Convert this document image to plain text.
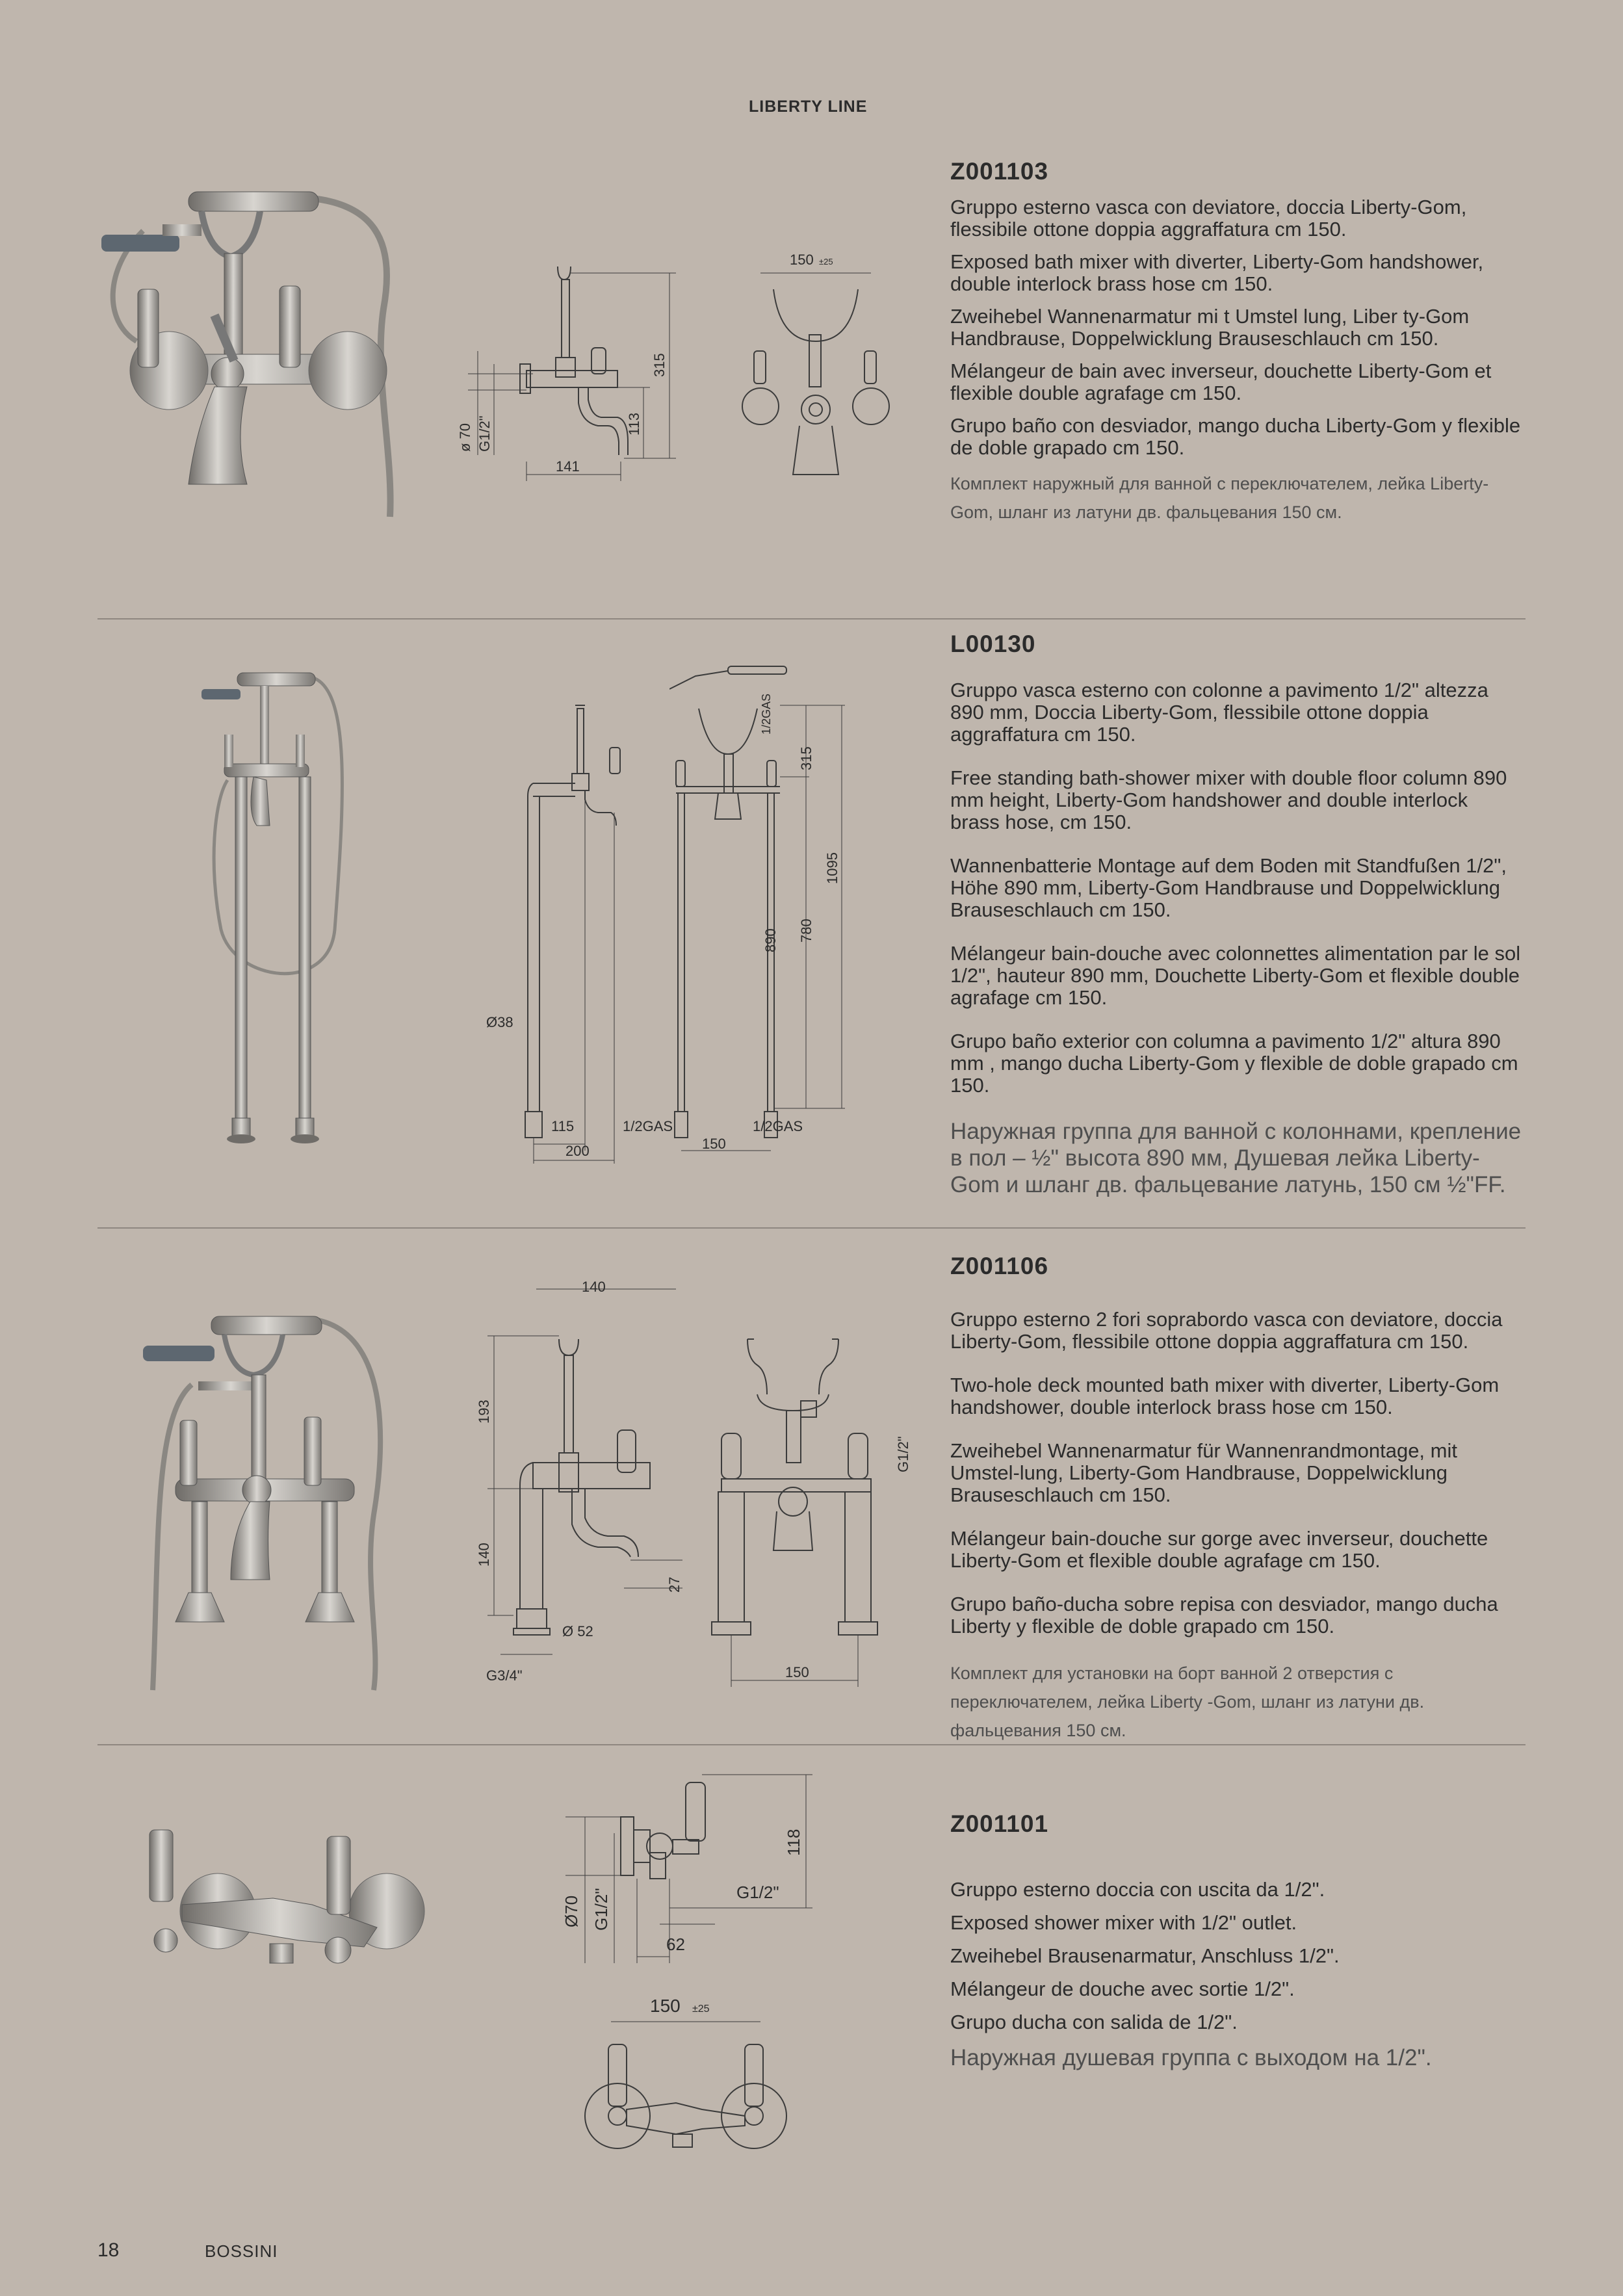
LIBERTY LINE
315
113
141
ø 70 G1/2"
150 ±25
Z001103

Gruppo esterno vasca con deviatore, doccia Liberty-Gom, flessibile ottone doppia aggraffatura cm 150.

Exposed bath mixer with diverter, Liberty-Gom handshower, double interlock brass hose cm 150.

Zweihebel Wannenarmatur mi t Umstel lung, Liber ty-Gom Handbrause, Doppelwicklung Brauseschlauch cm 150.

Mélangeur de bain avec inverseur, douchette Liberty-Gom et flexible double agrafage cm 150.

Grupo baño con desviador, mango ducha Liberty-Gom y flexible de doble grapado cm 150.

Комплект наружный для ванной с переключателем, лейка Liberty- Gom, шланг из латуни дв. фальцевания 150 см.

Ø38
115
200
1/2GAS
1/2GAS
315
1095
890 780
150
1/2GAS
L00130

Gruppo vasca esterno con colonne a pavimento 1/2" altezza 890 mm, Doccia Liberty-Gom, flessibile ottone doppia aggraffatura cm 150.

Free standing bath-shower mixer with double floor column 890 mm height, Liberty-Gom handshower and double interlock brass hose, cm 150.

Wannenbatterie Montage auf dem Boden mit Standfußen 1/2", Höhe 890 mm, Liberty-Gom Handbrause und Doppelwicklung Brauseschlauch cm 150.

Mélangeur bain-douche avec colonnettes alimentation par le sol 1/2", hauteur 890 mm, Douchette Liberty-Gom et flexible double agrafage cm 150.

Grupo baño exterior con columna a pavimento 1/2" altura 890 mm , mango ducha Liberty-Gom y flexible de doble grapado cm 150.

Наружная группа для ванной с колоннами, крепление в пол – ½" высота 890 мм, Душевая лейка Liberty-Gom и шланг дв. фальцевание латунь, 150 см ½"FF.

140
193
140
27
Ø 52
G3/4"	150
G1/2"
Z001106

Gruppo esterno 2 fori soprabordo vasca con deviatore, doccia Liberty-Gom, flessibile ottone doppia aggraffatura cm 150.

Two-hole deck mounted bath mixer with diverter, Liberty-Gom handshower, double interlock brass hose cm 150.

Zweihebel Wannenarmatur für Wannenrandmontage, mit Umstel-lung, Liberty-Gom Handbrause, Doppelwicklung Brauseschlauch cm 150.

Mélangeur bain-douche sur gorge avec inverseur, douchette Liberty-Gom et flexible double agrafage cm 150.

Grupo baño-ducha sobre repisa con desviador, mango ducha Liberty y flexible de doble grapado cm 150.

Комплект для установки на борт ванной 2 отверстия с переключателем, лейка Liberty -Gom, шланг из латуни дв. фальцевания 150 см.

118
Ø70 G1/2"	G1/2"
62
150 ±25
Z001101

Gruppo esterno doccia con uscita da 1/2".

Exposed shower mixer with 1/2" outlet.

Zweihebel Brausenarmatur, Anschluss 1/2".

Mélangeur de douche avec sortie 1/2".

Grupo ducha con salida de 1/2".

Наружная душевая группа с выходом на 1/2".

18	BOSSINI
